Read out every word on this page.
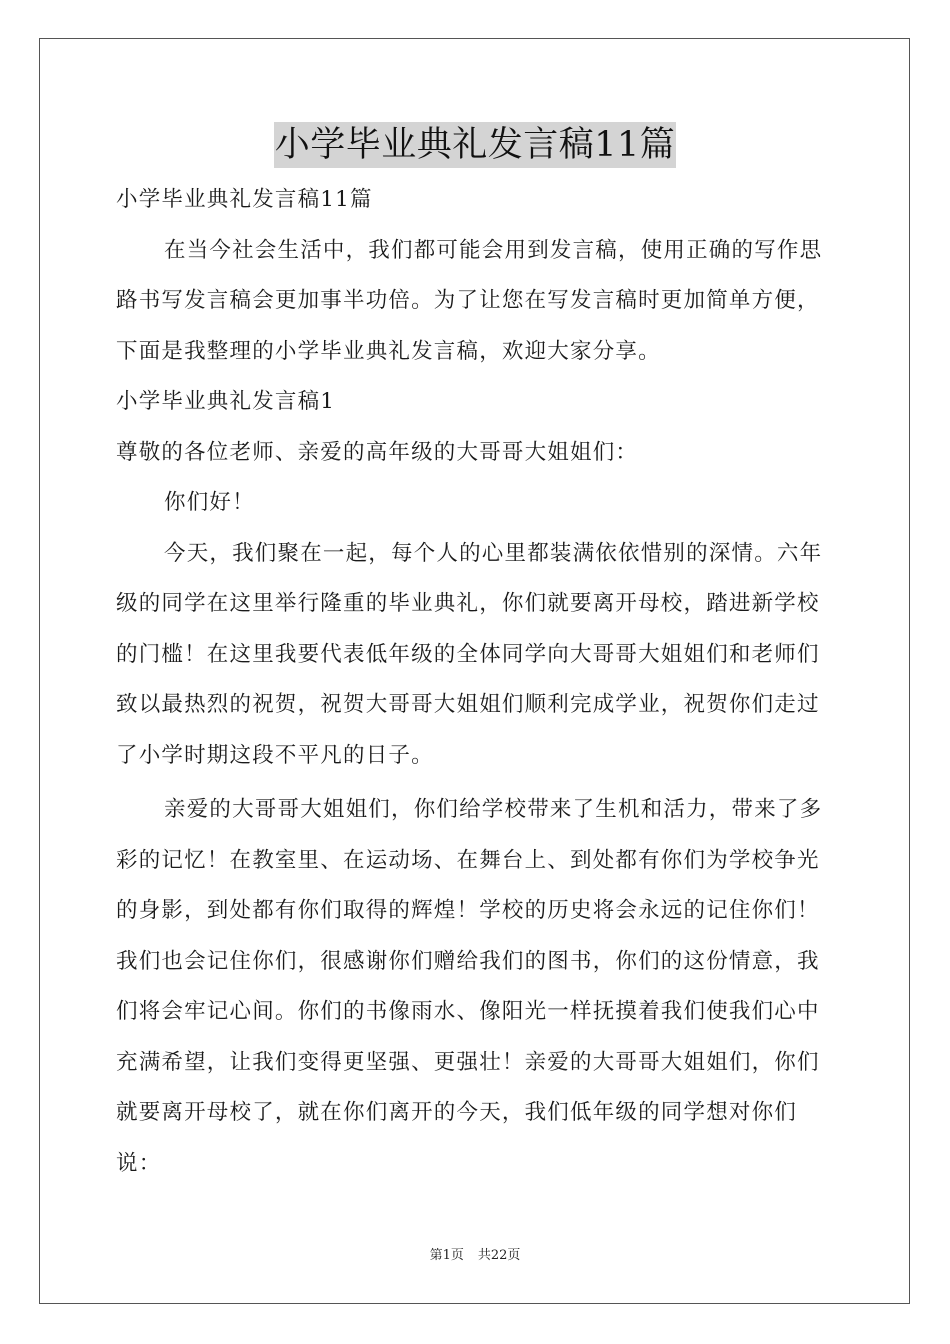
小学毕业典礼发言稿11篇

小学毕业典礼发言稿11篇

在当今社会生活中，我们都可能会用到发言稿，使用正确的写作思路书写发言稿会更加事半功倍。为了让您在写发言稿时更加简单方便，下面是我整理的小学毕业典礼发言稿，欢迎大家分享。

小学毕业典礼发言稿1

尊敬的各位老师、亲爱的高年级的大哥哥大姐姐们：

你们好！

今天，我们聚在一起，每个人的心里都装满依依惜别的深情。六年级的同学在这里举行隆重的毕业典礼，你们就要离开母校，踏进新学校的门槛！在这里我要代表低年级的全体同学向大哥哥大姐姐们和老师们致以最热烈的祝贺，祝贺大哥哥大姐姐们顺利完成学业，祝贺你们走过了小学时期这段不平凡的日子。

亲爱的大哥哥大姐姐们，你们给学校带来了生机和活力，带来了多彩的记忆！在教室里、在运动场、在舞台上、到处都有你们为学校争光的身影，到处都有你们取得的辉煌！学校的历史将会永远的记住你们！我们也会记住你们，很感谢你们赠给我们的图书，你们的这份情意，我们将会牢记心间。你们的书像雨水、像阳光一样抚摸着我们使我们心中充满希望，让我们变得更坚强、更强壮！亲爱的大哥哥大姐姐们，你们就要离开母校了，就在你们离开的今天，我们低年级的同学想对你们说：

第1页 共22页
